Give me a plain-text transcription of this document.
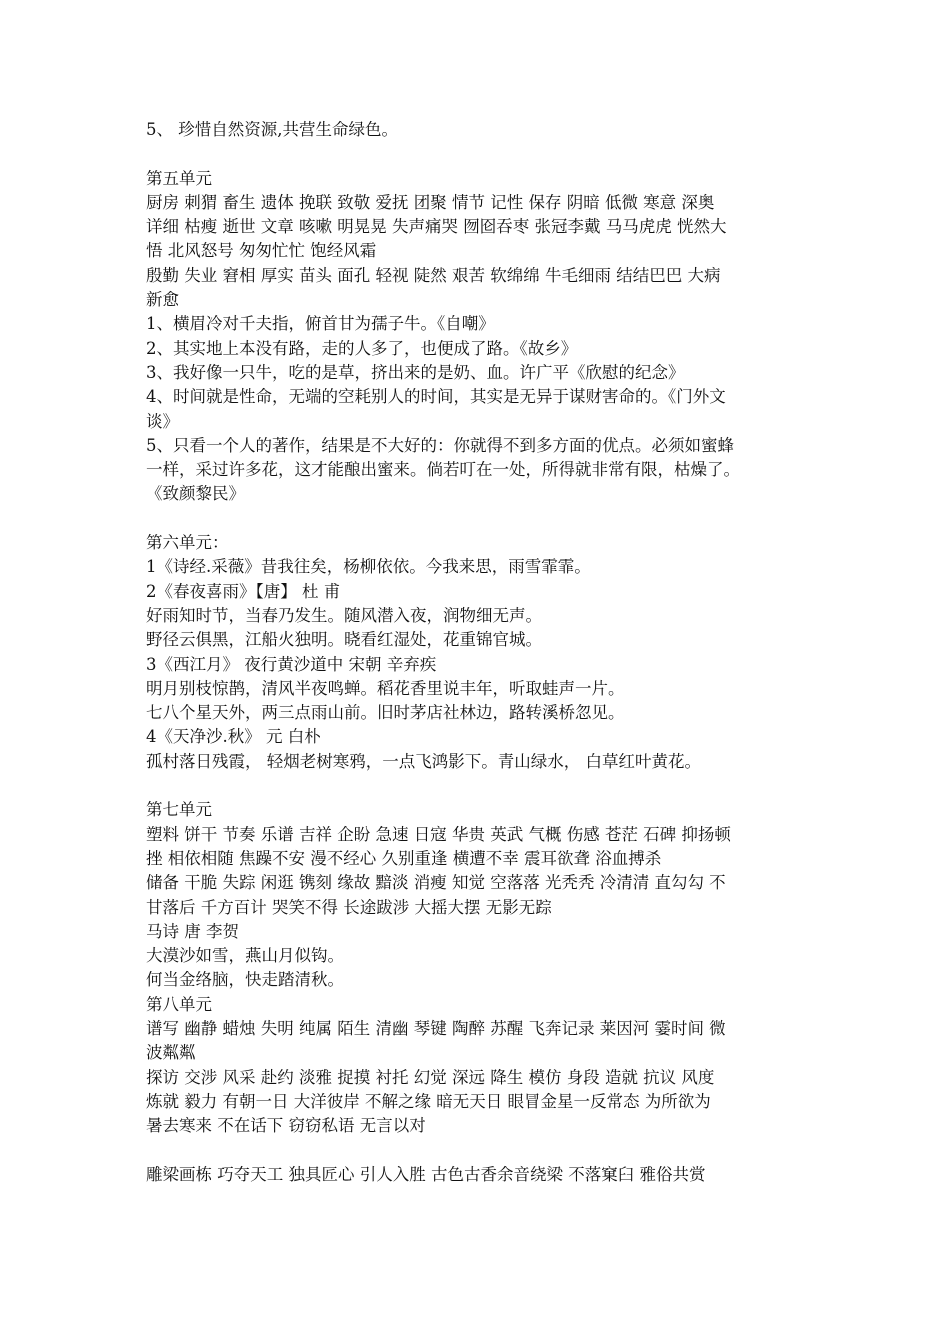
5、 珍惜自然资源,共营生命绿色。
第五单元
厨房 刺猬 畜生 遗体 挽联 致敬 爱抚 团聚 情节 记性 保存 阴暗 低微 寒意 深奥
详细 枯瘦 逝世 文章 咳嗽 明晃晃 失声痛哭 囫囵吞枣 张冠李戴 马马虎虎 恍然大
悟 北风怒号 匆匆忙忙 饱经风霜
殷勤 失业 窘相 厚实 苗头 面孔 轻视 陡然 艰苦 软绵绵 牛毛细雨 结结巴巴 大病
新愈
1、横眉冷对千夫指，俯首甘为孺子牛。《自嘲》
2、其实地上本没有路，走的人多了，也便成了路。《故乡》
3、我好像一只牛，吃的是草，挤出来的是奶、血。许广平《欣慰的纪念》
4、时间就是性命，无端的空耗别人的时间，其实是无异于谋财害命的。《门外文
谈》
5、只看一个人的著作，结果是不大好的：你就得不到多方面的优点。必须如蜜蜂
一样，采过许多花，这才能酿出蜜来。倘若叮在一处，所得就非常有限，枯燥了。
《致颜黎民》
第六单元：
1《诗经.采薇》昔我往矣，杨柳依依。今我来思，雨雪霏霏。
2《春夜喜雨》【唐】 杜 甫
好雨知时节，当春乃发生。随风潜入夜，润物细无声。
野径云俱黑，江船火独明。晓看红湿处，花重锦官城。
3《西江月》 夜行黄沙道中 宋朝 辛弃疾
明月别枝惊鹊，清风半夜鸣蝉。稻花香里说丰年，听取蛙声一片。
七八个星天外，两三点雨山前。旧时茅店社林边，路转溪桥忽见。
4《天净沙.秋》 元 白朴
孤村落日残霞， 轻烟老树寒鸦，一点飞鸿影下。青山绿水， 白草红叶黄花。
第七单元
塑料 饼干 节奏 乐谱 吉祥 企盼 急速 日寇 华贵 英武 气概 伤感 苍茫 石碑 抑扬顿
挫 相依相随 焦躁不安 漫不经心 久别重逢 横遭不幸 震耳欲聋 浴血搏杀
储备 干脆 失踪 闲逛 镌刻 缘故 黯淡 消瘦 知觉 空落落 光秃秃 冷清清 直勾勾 不
甘落后 千方百计 哭笑不得 长途跋涉 大摇大摆 无影无踪
马诗 唐 李贺
大漠沙如雪，燕山月似钩。
何当金络脑，快走踏清秋。
第八单元
谱写 幽静 蜡烛 失明 纯属 陌生 清幽 琴键 陶醉 苏醒 飞奔记录 莱因河 霎时间 微
波粼粼
探访 交涉 风采 赴约 淡雅 捉摸 衬托 幻觉 深远 降生 模仿 身段 造就 抗议 风度
炼就 毅力 有朝一日 大洋彼岸 不解之缘 暗无天日 眼冒金星一反常态 为所欲为
暑去寒来 不在话下 窃窃私语 无言以对
雕梁画栋 巧夺天工 独具匠心 引人入胜 古色古香余音绕梁 不落窠臼 雅俗共赏
